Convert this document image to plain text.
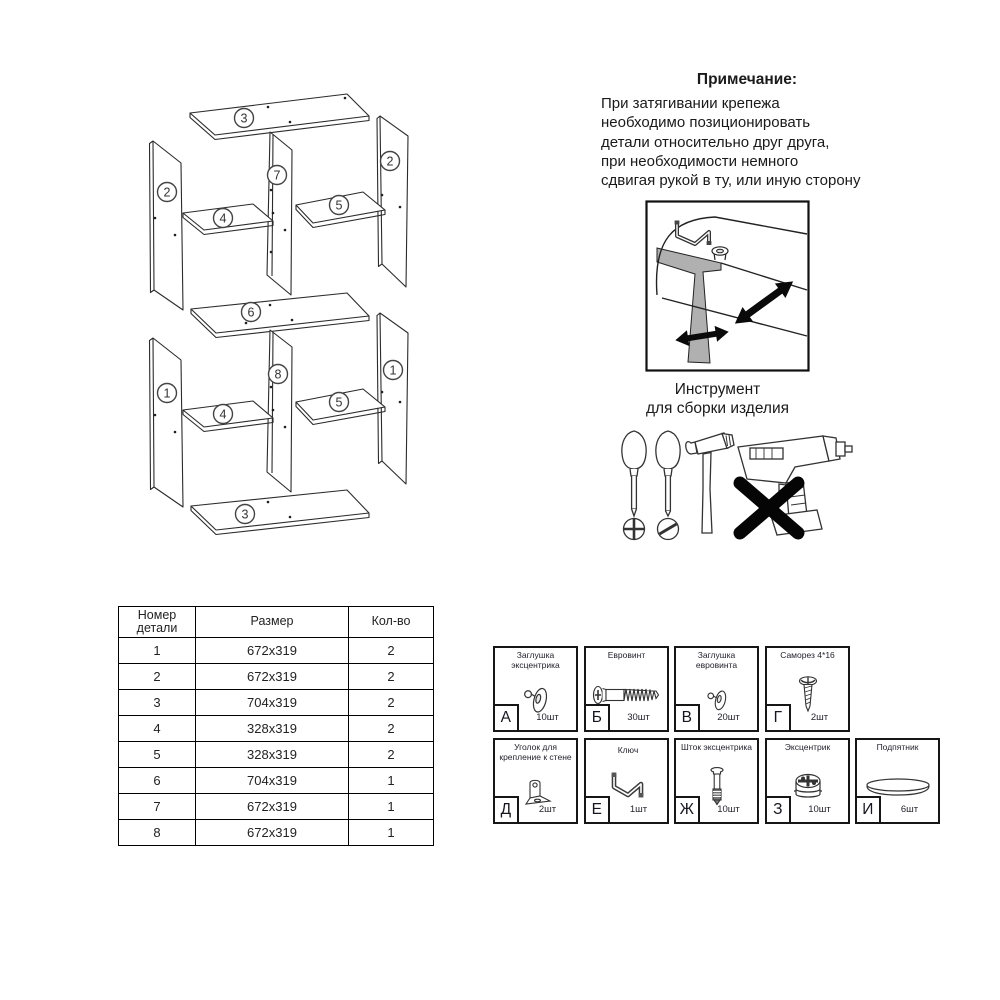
3
2
7
2
4
5
6
1
8	1
4
5
3
Примечание:
При затягивании крепежа
необходимо позиционировать
детали относительно друг друга,
при необходимости немного
сдвигая рукой в ту, или иную сторону
Инструмент
для сборки изделия
Номер детали	Размер	Кол-во
1	672x319	2
2	672x319	2
3	704x319	2
4	328x319	2
5	328x319	2
6	704x319	1
7	672x319	1
8	672x319	1
Заглушка эксцентрика
А	10шт
Евровинт
Б	30шт
Заглушка евровинта
В	20шт
Саморез 4*16
Г	2шт
Уголок для крепление к стене
Д	2шт
Ключ
Е	1шт
Шток эксцентрика
Ж	10шт
Эксцентрик
З	10шт
Подпятник
И	6шт
